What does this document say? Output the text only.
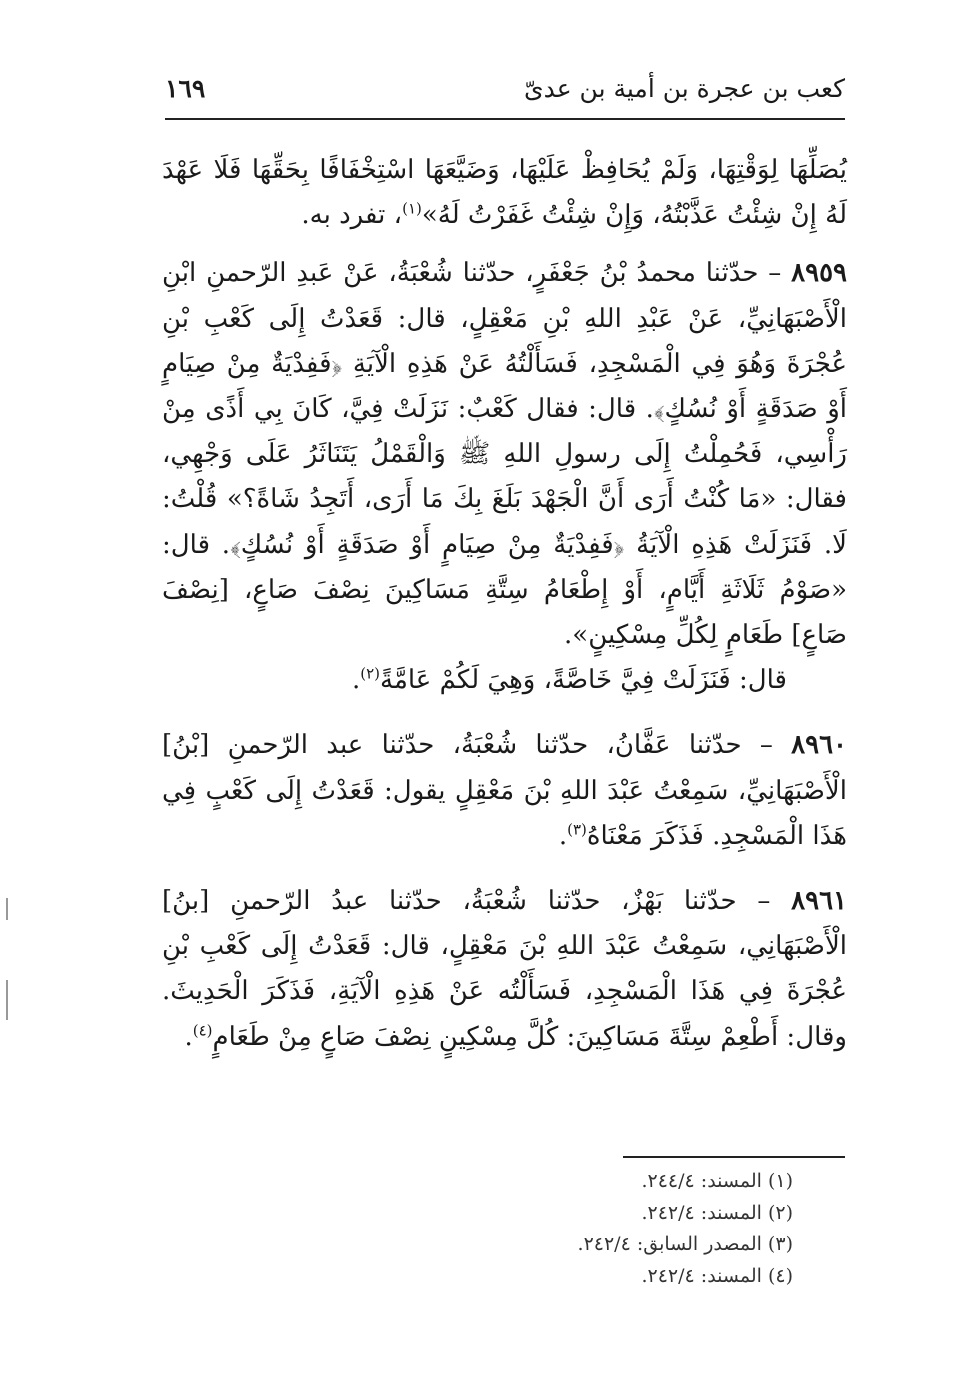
كعب بن عجرة بن أمية بن عدىّ
١٦٩

يُصَلِّهَا لِوَقْتِهَا، وَلَمْ يُحَافِظْ عَلَيْهَا، وَضَيَّعَهَا اسْتِخْفَافًا بِحَقِّهَا فَلَا عَهْدَ لَهُ إِنْ شِئْتُ عَذَّبْتُهُ، وَإِنْ شِئْتُ غَفَرْتُ لَهُ»$^{(١)}$، تفرد به.

٨٩٥٩ – حدّثنا محمدُ بْنُ جَعْفَرٍ، حدّثنا شُعْبَةُ، عَنْ عَبدِ الرّحمنِ ابْنِ الْأَصْبَهَانِيِّ، عَنْ عَبْدِ اللهِ بْنِ مَعْقِلٍ، قال: قَعَدْتُ إِلَى كَعْبِ بْنِ عُجْرَةَ وَهُوَ فِي الْمَسْجِدِ، فَسَأَلْتُهُ عَنْ هَذِهِ الْآيَةِ ﴿فَفِدْيَةٌ مِنْ صِيَامٍ أَوْ صَدَقَةٍ أَوْ نُسُكٍ﴾. قال: فقال كَعْبٌ: نَزَلَتْ فِيَّ، كَانَ بِي أَذًى مِنْ رَأْسِي، فَحُمِلْتُ إِلَى رسولِ اللهِ ﷺ وَالْقَمْلُ يَتَنَاثَرُ عَلَى وَجْهِي، فقال: «مَا كُنْتُ أَرَى أَنَّ الْجَهْدَ بَلَغَ بِكَ مَا أَرَى، أَتَجِدُ شَاةً؟» قُلْتُ: لَا. فَنَزَلَتْ هَذِهِ الْآيَةُ ﴿فَفِدْيَةٌ مِنْ صِيَامٍ أَوْ صَدَقَةٍ أَوْ نُسُكٍ﴾. قال: «صَوْمُ ثَلَاثَةِ أَيَّامٍ، أَوْ إِطْعَامُ سِتَّةِ مَسَاكِينَ نِصْفَ صَاعٍ، [نِصْفَ صَاعٍ] طَعَامٍ لِكُلِّ مِسْكِينٍ».

قال: فَنَزَلَتْ فِيَّ خَاصَّةً، وَهِيَ لَكُمْ عَامَّةً$^{(٢)}$.

٨٩٦٠ – حدّثنا عَفَّانُ، حدّثنا شُعْبَةُ، حدّثنا عبد الرّحمنِ [بْنُ] الْأَصْبَهَانِيِّ، سَمِعْتُ عَبْدَ اللهِ بْنَ مَعْقِلٍ يقول: قَعَدْتُ إِلَى كَعْبٍ فِي هَذَا الْمَسْجِدِ. فَذَكَرَ مَعْنَاهُ$^{(٣)}$.

٨٩٦١ – حدّثنا بَهْزٌ، حدّثنا شُعْبَةُ، حدّثنا عبدُ الرّحمنِ [بنُ] الْأَصْبَهَانِي، سَمِعْتُ عَبْدَ اللهِ بْنَ مَعْقِلٍ، قال: قَعَدْتُ إِلَى كَعْبِ بْنِ عُجْرَةَ فِي هَذَا الْمَسْجِدِ، فَسَأَلْتُه عَنْ هَذِهِ الْآيَةِ، فَذَكَرَ الْحَدِيثَ. وقال: أَطْعِمْ سِتَّةَ مَسَاكِينَ: كُلَّ مِسْكِينٍ نِصْفَ صَاعٍ مِنْ طَعَامٍ$^{(٤)}$.

(١) المسند: ٢٤٤/٤.

(٢) المسند: ٢٤٢/٤.

(٣) المصدر السابق: ٢٤٢/٤.

(٤) المسند: ٢٤٢/٤.
